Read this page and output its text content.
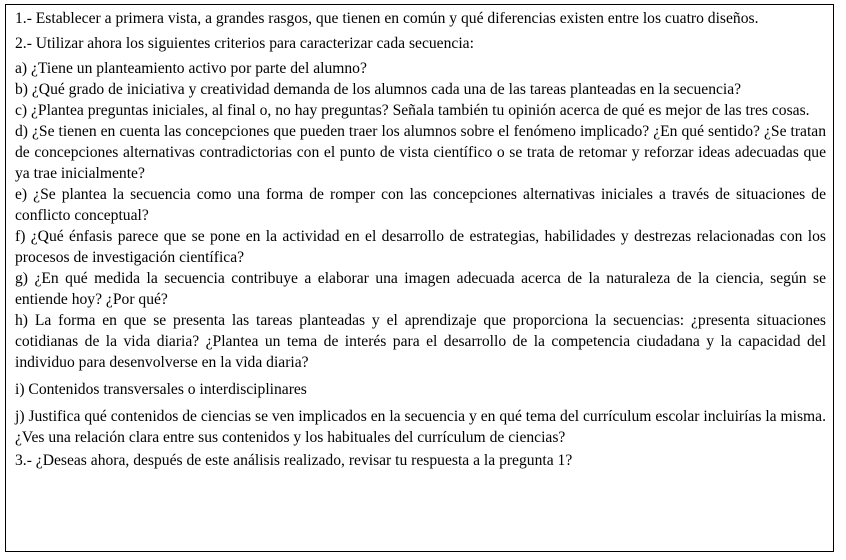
1.- Establecer a primera vista, a grandes rasgos, que tienen en común y qué diferencias existen entre los cuatro diseños.

2.- Utilizar ahora los siguientes criterios para caracterizar cada secuencia:

a) ¿Tiene un planteamiento activo por parte del alumno?

b) ¿Qué grado de iniciativa y creatividad demanda de los alumnos cada una de las tareas planteadas en la secuencia?

c) ¿Plantea preguntas iniciales, al final o, no hay preguntas? Señala también tu opinión acerca de qué es mejor de las tres cosas.

d) ¿Se tienen en cuenta las concepciones que pueden traer los alumnos sobre el fenómeno implicado? ¿En qué sentido? ¿Se tratan de concepciones alternativas contradictorias con el punto de vista científico o se trata de retomar y reforzar ideas adecuadas que ya trae inicialmente?

e) ¿Se plantea la secuencia como una forma de romper con las concepciones alternativas iniciales a través de situaciones de conflicto conceptual?

f) ¿Qué énfasis parece que se pone en la actividad en el desarrollo de estrategias, habilidades y destrezas relacionadas con los procesos de investigación científica?

g) ¿En qué medida la secuencia contribuye a elaborar una imagen adecuada acerca de la naturaleza de la ciencia, según se entiende hoy? ¿Por qué?

h) La forma en que se presenta las tareas planteadas y el aprendizaje que proporciona la secuencias: ¿presenta situaciones cotidianas de la vida diaria? ¿Plantea un tema de interés para el desarrollo de la competencia ciudadana y la capacidad del individuo para desenvolverse en la vida diaria?

i) Contenidos transversales o interdisciplinares

j) Justifica qué contenidos de ciencias se ven implicados en la secuencia y en qué tema del currículum escolar incluirías la misma. ¿Ves una relación clara entre sus contenidos y los habituales del currículum de ciencias?

3.- ¿Deseas ahora, después de este análisis realizado, revisar tu respuesta a la pregunta 1?
